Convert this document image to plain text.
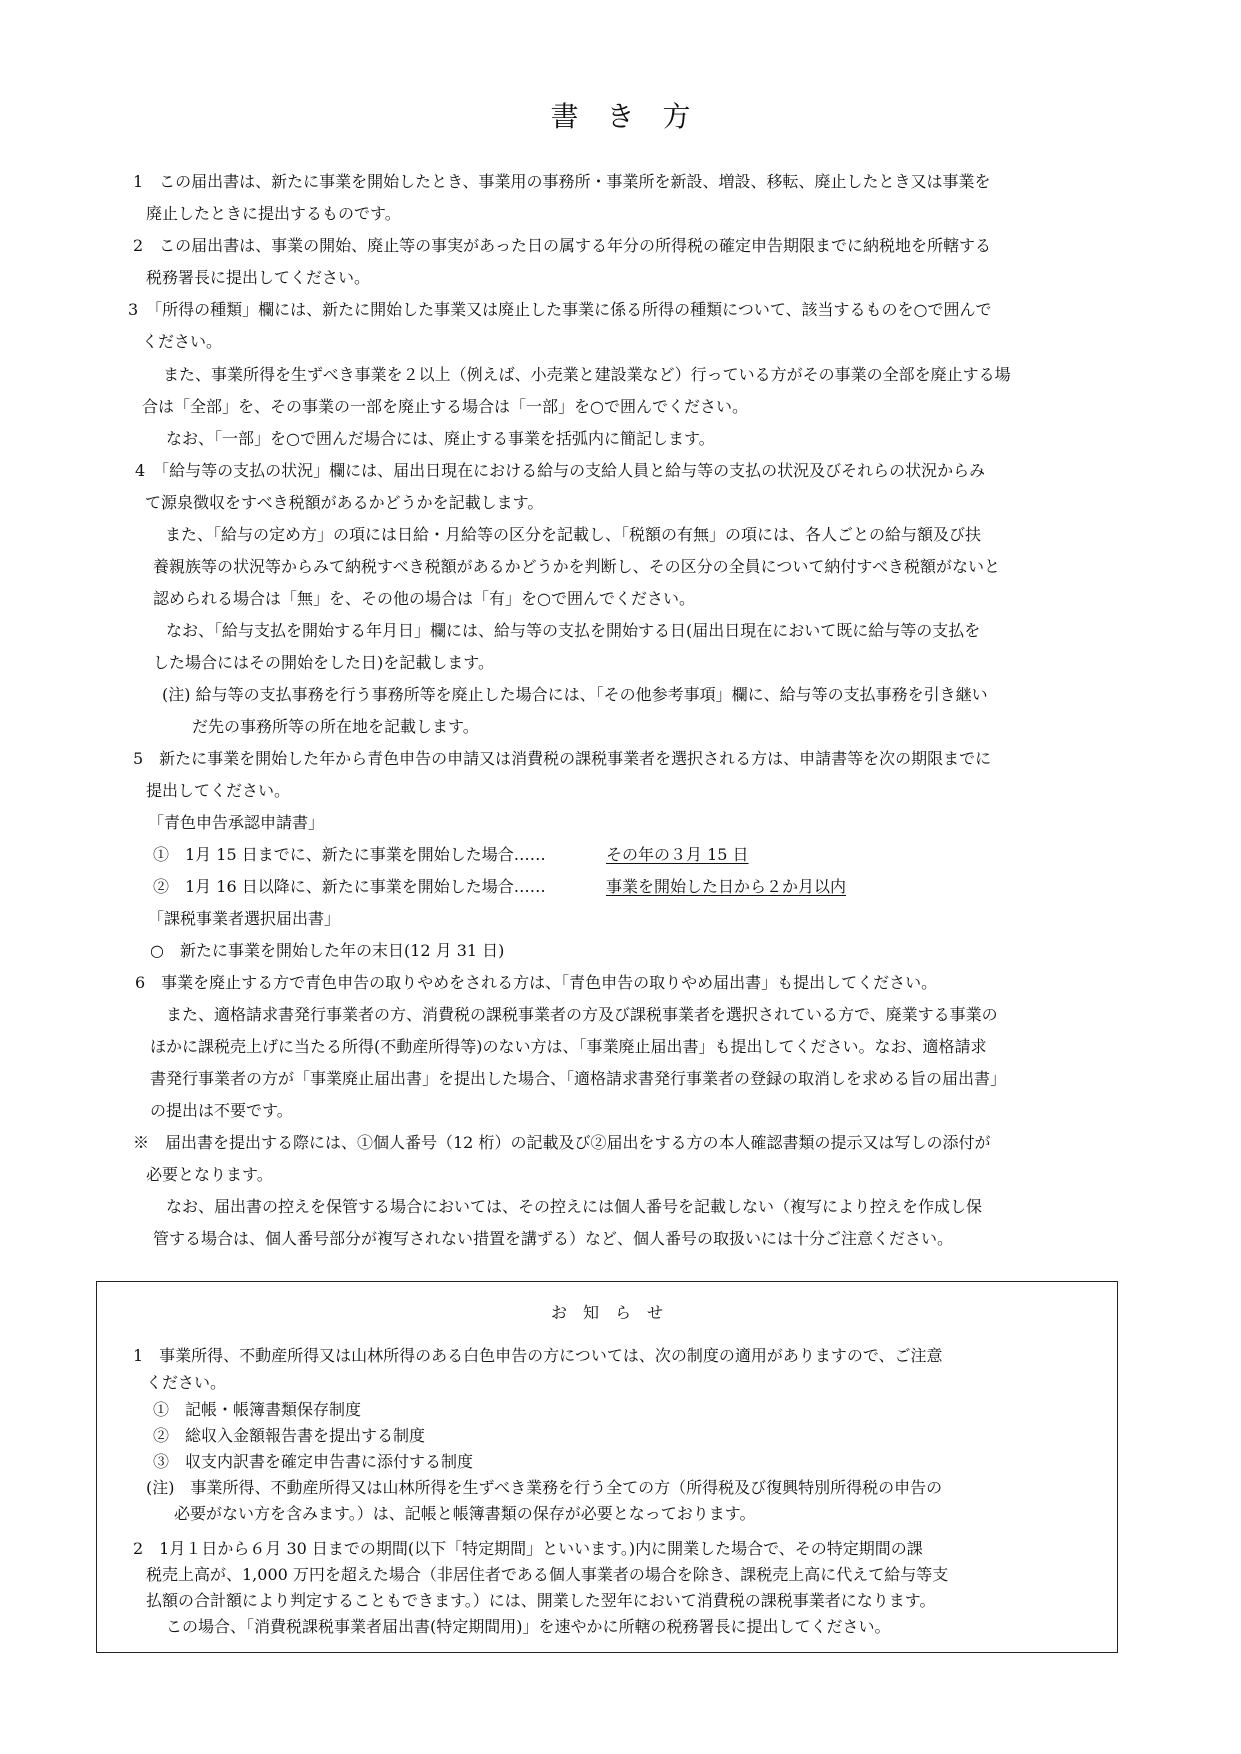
書　き　方
1　この届出書は、新たに事業を開始したとき、事業用の事務所・事業所を新設、増設、移転、廃止したとき又は事業を
廃止したときに提出するものです。
2　この届出書は、事業の開始、廃止等の事実があった日の属する年分の所得税の確定申告期限までに納税地を所轄する
税務署長に提出してください。
3　「所得の種類」欄には、新たに開始した事業又は廃止した事業に係る所得の種類について、該当するものを○で囲んで
ください。
また、事業所得を生ずべき事業を２以上（例えば、小売業と建設業など）行っている方がその事業の全部を廃止する場
合は「全部」を、その事業の一部を廃止する場合は「一部」を○で囲んでください。
なお、「一部」を○で囲んだ場合には、廃止する事業を括弧内に簡記します。
4　「給与等の支払の状況」欄には、届出日現在における給与の支給人員と給与等の支払の状況及びそれらの状況からみ
て源泉徴収をすべき税額があるかどうかを記載します。
また、「給与の定め方」の項には日給・月給等の区分を記載し、「税額の有無」の項には、各人ごとの給与額及び扶
養親族等の状況等からみて納税すべき税額があるかどうかを判断し、その区分の全員について納付すべき税額がないと
認められる場合は「無」を、その他の場合は「有」を○で囲んでください。
なお、「給与支払を開始する年月日」欄には、給与等の支払を開始する日(届出日現在において既に給与等の支払を
した場合にはその開始をした日)を記載します。
(注) 給与等の支払事務を行う事務所等を廃止した場合には、「その他参考事項」欄に、給与等の支払事務を引き継い
だ先の事務所等の所在地を記載します。
5　新たに事業を開始した年から青色申告の申請又は消費税の課税事業者を選択される方は、申請書等を次の期限までに
提出してください。
「青色申告承認申請書」
①　1月 15 日までに、新たに事業を開始した場合……	その年の３月 15 日
②　1月 16 日以降に、新たに事業を開始した場合……	事業を開始した日から２か月以内
「課税事業者選択届出書」
○　新たに事業を開始した年の末日(12 月 31 日)
6　事業を廃止する方で青色申告の取りやめをされる方は、「青色申告の取りやめ届出書」も提出してください。
また、適格請求書発行事業者の方、消費税の課税事業者の方及び課税事業者を選択されている方で、廃業する事業の
ほかに課税売上げに当たる所得(不動産所得等)のない方は、「事業廃止届出書」も提出してください。なお、適格請求
書発行事業者の方が「事業廃止届出書」を提出した場合、「適格請求書発行事業者の登録の取消しを求める旨の届出書」
の提出は不要です。
※　届出書を提出する際には、①個人番号（12 桁）の記載及び②届出をする方の本人確認書類の提示又は写しの添付が
必要となります。
なお、届出書の控えを保管する場合においては、その控えには個人番号を記載しない（複写により控えを作成し保
管する場合は、個人番号部分が複写されない措置を講ずる）など、個人番号の取扱いには十分ご注意ください。
お　知　ら　せ
1　事業所得、不動産所得又は山林所得のある白色申告の方については、次の制度の適用がありますので、ご注意
ください。
①　記帳・帳簿書類保存制度
②　総収入金額報告書を提出する制度
③　収支内訳書を確定申告書に添付する制度
(注)　事業所得、不動産所得又は山林所得を生ずべき業務を行う全ての方（所得税及び復興特別所得税の申告の
必要がない方を含みます。）は、記帳と帳簿書類の保存が必要となっております。
2　1月１日から６月 30 日までの期間(以下「特定期間」といいます。)内に開業した場合で、その特定期間の課
税売上高が、1,000 万円を超えた場合（非居住者である個人事業者の場合を除き、課税売上高に代えて給与等支
払額の合計額により判定することもできます。）には、開業した翌年において消費税の課税事業者になります。
この場合、「消費税課税事業者届出書(特定期間用)」を速やかに所轄の税務署長に提出してください。
